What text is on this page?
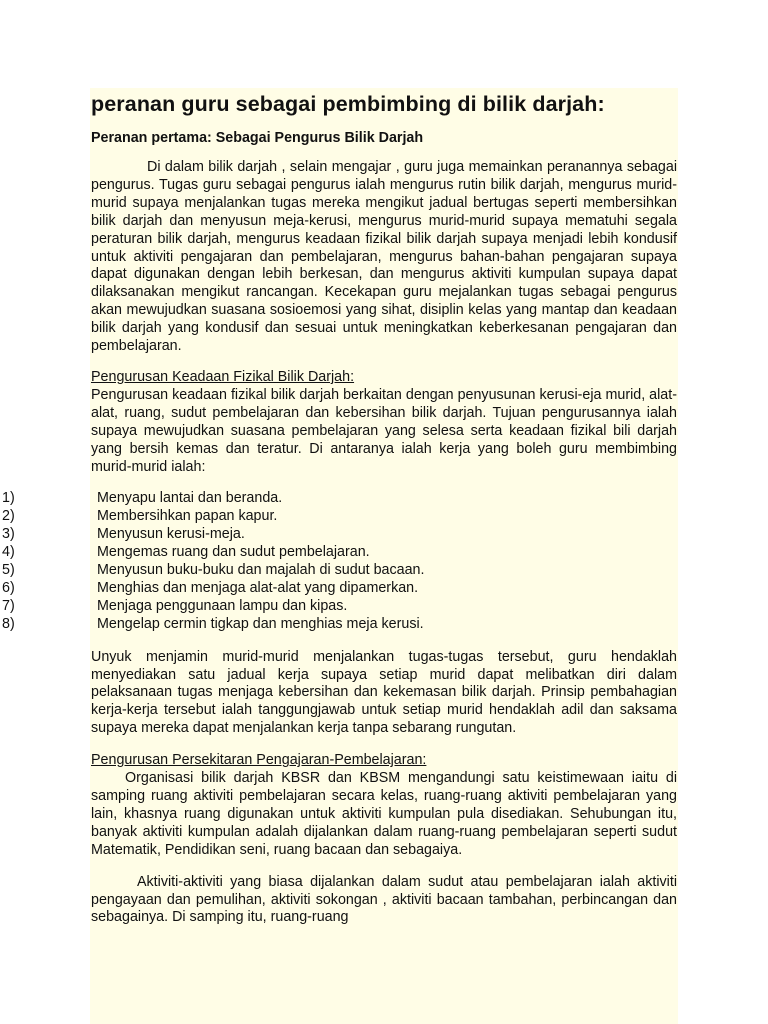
peranan guru sebagai pembimbing di bilik darjah:
Peranan pertama: Sebagai Pengurus Bilik Darjah

Di dalam bilik darjah , selain mengajar , guru juga memainkan peranannya sebagai pengurus. Tugas guru sebagai pengurus ialah mengurus rutin bilik darjah, mengurus murid-murid supaya menjalankan tugas mereka mengikut jadual bertugas seperti membersihkan bilik darjah dan menyusun meja-kerusi, mengurus murid-murid supaya mematuhi segala peraturan bilik darjah, mengurus keadaan fizikal bilik darjah supaya menjadi lebih kondusif untuk aktiviti pengajaran dan pembelajaran, mengurus bahan-bahan pengajaran supaya dapat digunakan dengan lebih berkesan, dan mengurus aktiviti kumpulan supaya dapat dilaksanakan mengikut rancangan. Kecekapan guru mejalankan tugas sebagai pengurus akan mewujudkan suasana sosioemosi yang sihat, disiplin kelas yang mantap dan keadaan bilik darjah yang kondusif dan sesuai untuk meningkatkan keberkesanan pengajaran dan pembelajaran.

Pengurusan Keadaan Fizikal Bilik Darjah:

Pengurusan keadaan fizikal bilik darjah berkaitan dengan penyusunan kerusi-eja murid, alat-alat, ruang, sudut pembelajaran dan kebersihan bilik darjah. Tujuan pengurusannya ialah supaya mewujudkan suasana pembelajaran yang selesa serta keadaan fizikal bili darjah yang bersih kemas dan teratur. Di antaranya ialah kerja yang boleh guru membimbing murid-murid ialah:

1)	Menyapu lantai dan beranda.
2)	Membersihkan papan kapur.
3)	Menyusun kerusi-meja.
4)	Mengemas ruang dan sudut pembelajaran.
5)	Menyusun buku-buku dan majalah di sudut bacaan.
6)	Menghias dan menjaga alat-alat yang dipamerkan.
7)	Menjaga penggunaan lampu dan kipas.
8)	Mengelap cermin tigkap dan menghias meja kerusi.

Unyuk menjamin murid-murid menjalankan tugas-tugas tersebut, guru hendaklah menyediakan satu jadual kerja supaya setiap murid dapat melibatkan diri dalam pelaksanaan tugas menjaga kebersihan dan kekemasan bilik darjah. Prinsip pembahagian kerja-kerja tersebut ialah tanggungjawab untuk setiap murid hendaklah adil dan saksama supaya mereka dapat menjalankan kerja tanpa sebarang rungutan.

Pengurusan Persekitaran Pengajaran-Pembelajaran:

Organisasi bilik darjah KBSR dan KBSM mengandungi satu keistimewaan iaitu di samping ruang aktiviti pembelajaran secara kelas, ruang-ruang aktiviti pembelajaran yang lain, khasnya ruang digunakan untuk aktiviti kumpulan pula disediakan. Sehubungan itu, banyak aktiviti kumpulan adalah dijalankan dalam ruang-ruang pembelajaran seperti sudut Matematik, Pendidikan seni, ruang bacaan dan sebagaiya.

Aktiviti-aktiviti yang biasa dijalankan dalam sudut atau pembelajaran ialah aktiviti pengayaan dan pemulihan, aktiviti sokongan , aktiviti bacaan tambahan, perbincangan dan sebagainya. Di samping itu, ruang-ruang
